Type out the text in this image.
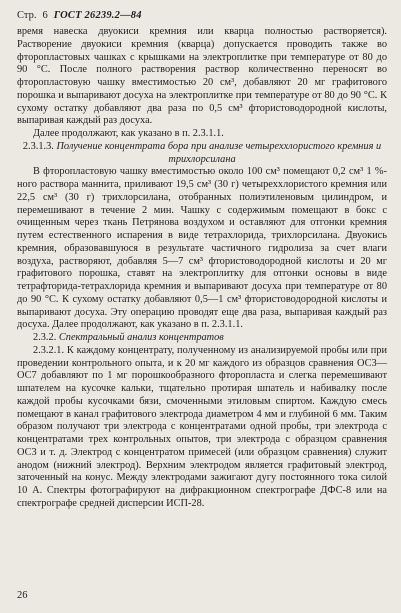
Стр. 6 ГОСТ 26239.2—84

время навеска двуокиси кремния или кварца полностью растворяется). Растворение двуокиси кремния (кварца) допускается проводить также во фторопластовых чашках с крышками на электроплитке при температуре от 80 до 90 °С. После полного растворения раствор количественно переносят во фторопластовую чашку вместимостью 20 см³, добавляют 20 мг графитового порошка и выпаривают досуха на электроплитке при температуре от 80 до 90 °С. К сухому остатку добавляют два раза по 0,5 см³ фтористоводородной кислоты, выпаривая каждый раз досуха.

Далее продолжают, как указано в п. 2.3.1.1.

2.3.1.3. Получение концентрата бора при анализе четыреххлористого кремния и трихлорсилана

В фторопластовую чашку вместимостью около 100 см³ помещают 0,2 см³ 1 %-ного раствора маннита, приливают 19,5 см³ (30 г) четыреххлористого кремния или 22,5 см³ (30 г) трихлорсилана, отобранных полиэтиленовым цилиндром, и перемешивают в течение 2 мин. Чашку с содержимым помещают в бокс с очищенным через ткань Петрянова воздухом и оставляют для отгонки кремния путем естественного испарения в виде тетрахлорида, трихлорсилана. Двуокись кремния, образовавшуюся в результате частичного гидролиза за счет влаги воздуха, растворяют, добавляя 5—7 см³ фтористоводородной кислоты и 20 мг графитового порошка, ставят на электроплитку для отгонки основы в виде тетрафторида-тетрахлорида кремния и выпаривают досуха при температуре от 80 до 90 °С. К сухому остатку добавляют 0,5—1 см³ фтористоводородной кислоты и выпаривают досуха. Эту операцию проводят еще два раза, выпаривая каждый раз досуха. Далее продолжают, как указано в п. 2.3.1.1.

2.3.2. Спектральный анализ концентратов

2.3.2.1. К каждому концентрату, полученному из анализируемой пробы или при проведении контрольного опыта, и к 20 мг каждого из образцов сравнения ОС3—ОС7 добавляют по 1 мг порошкообразного фторопласта и слегка перемешивают шпателем на кусочке кальки, тщательно протирая шпатель и набивалку после каждой пробы кусочками бязи, смоченными этиловым спиртом. Каждую смесь помещают в канал графитового электрода диаметром 4 мм и глубиной 6 мм. Таким образом получают три электрода с концентратами одной пробы, три электрода с концентратами трех контрольных опытов, три электрода с образцом сравнения ОС3 и т. д. Электрод с концентратом примесей (или образцом сравнения) служит анодом (нижний электрод). Верхним электродом является графитовый электрод, заточенный на конус. Между электродами зажигают дугу постоянного тока силой 10 А. Спектры фотографируют на дифракционном спектрографе ДФС-8 или на спектрографе средней дисперсии ИСП-28.

26
